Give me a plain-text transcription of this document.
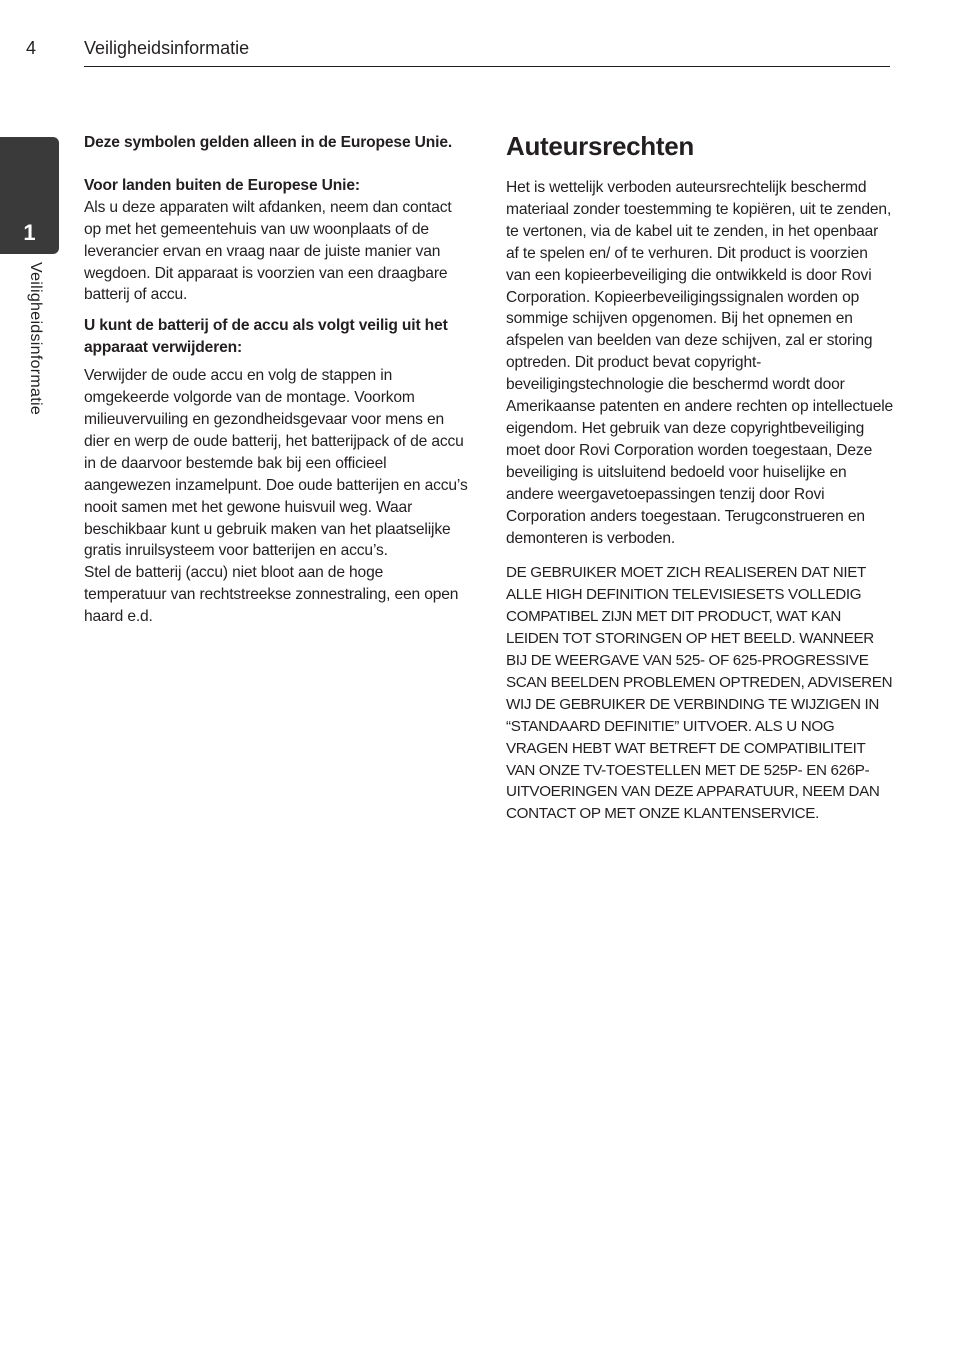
4	Veiligheidsinformatie
1
Veiligheidsinformatie

Deze symbolen gelden alleen in de Europese Unie.

Voor landen buiten de Europese Unie:

Als u deze apparaten wilt afdanken, neem dan contact op met het gemeentehuis van uw woonplaats of de leverancier ervan en vraag naar de juiste manier van wegdoen. Dit apparaat is voorzien van een draagbare batterij of accu.

U kunt de batterij of de accu als volgt veilig uit het apparaat verwijderen:

Verwijder de oude accu en volg de stappen in omgekeerde volgorde van de montage. Voorkom milieuvervuiling en gezondheidsgevaar voor mens en dier en werp de oude batterij, het batterijpack of de accu in de daarvoor bestemde bak bij een officieel aangewezen inzamelpunt. Doe oude batterijen en accu’s nooit samen met het gewone huisvuil weg. Waar beschikbaar kunt u gebruik maken van het plaatselijke gratis inruilsysteem voor batterijen en accu’s.

Stel de batterij (accu) niet bloot aan de hoge temperatuur van rechtstreekse zonnestraling, een open haard e.d.

Auteursrechten

Het is wettelijk verboden auteursrechtelijk beschermd materiaal zonder toestemming te kopiëren, uit te zenden, te vertonen, via de kabel uit te zenden, in het openbaar af te spelen en/ of te verhuren. Dit product is voorzien van een kopieerbeveiliging die ontwikkeld is door Rovi Corporation. Kopieerbeveiligingssignalen worden op sommige schijven opgenomen. Bij het opnemen en afspelen van beelden van deze schijven, zal er storing optreden. Dit product bevat copyright-beveiligingstechnologie die beschermd wordt door Amerikaanse patenten en andere rechten op intellectuele eigendom. Het gebruik van deze copyrightbeveiliging moet door Rovi Corporation worden toegestaan, Deze beveiliging is uitsluitend bedoeld voor huiselijke en andere weergavetoepassingen tenzij door Rovi Corporation anders toegestaan. Terugconstrueren en demonteren is verboden.

DE GEBRUIKER MOET ZICH REALISEREN DAT NIET ALLE HIGH DEFINITION TELEVISIESETS VOLLEDIG COMPATIBEL ZIJN MET DIT PRODUCT, WAT KAN LEIDEN TOT STORINGEN OP HET BEELD. WANNEER BIJ DE WEERGAVE VAN 525- OF 625-PROGRESSIVE SCAN BEELDEN PROBLEMEN OPTREDEN, ADVISEREN WIJ DE GEBRUIKER DE VERBINDING TE WIJZIGEN IN “STANDAARD DEFINITIE” UITVOER. ALS U NOG VRAGEN HEBT WAT BETREFT DE COMPATIBILITEIT VAN ONZE TV-TOESTELLEN MET DE 525P- EN 626P-UITVOERINGEN VAN DEZE APPARATUUR, NEEM DAN CONTACT OP MET ONZE KLANTENSERVICE.
